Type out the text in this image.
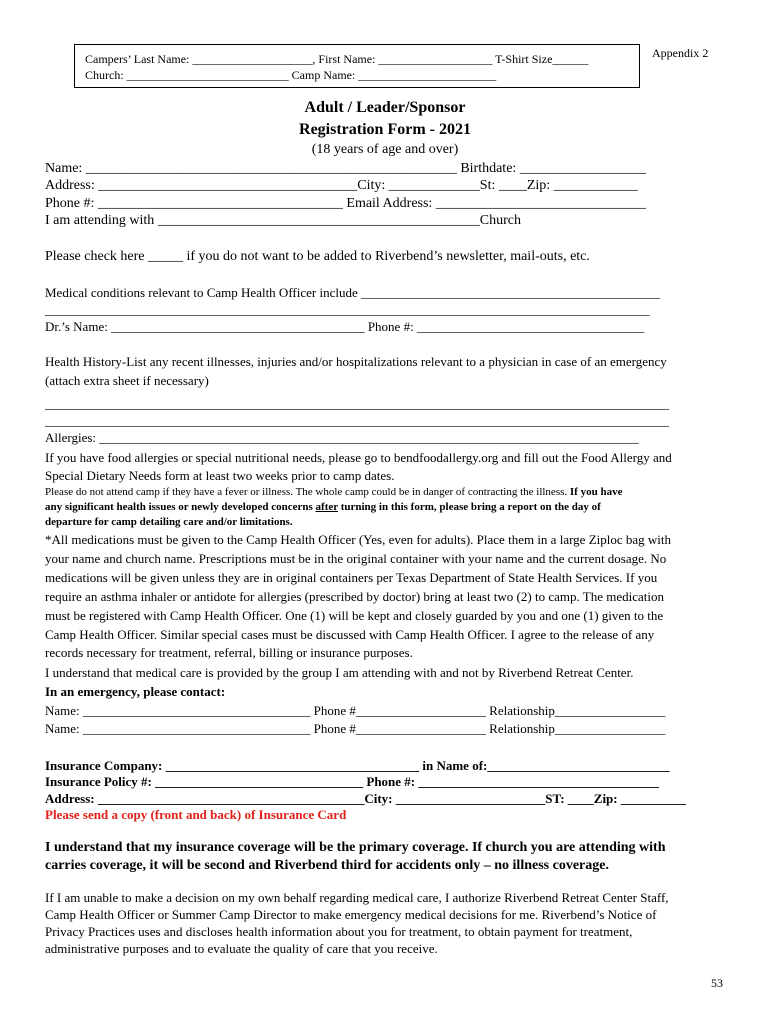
Campers’ Last Name: ____________________, First Name: ___________________ T-Shirt Size______
Church: ___________________________ Camp Name: _______________________
Appendix 2
Adult / Leader/Sponsor
Registration Form - 2021
(18 years of age and over)
Name: _____________________________________________________ Birthdate: __________________
Address: _____________________________________City: _____________St: ____Zip: ____________
Phone #: ___________________________________ Email Address: ______________________________
I am attending with ______________________________________________Church
Please check here _____ if you do not want to be added to Riverbend’s newsletter, mail-outs, etc.
Medical conditions relevant to Camp Health Officer include ______________________________________________
_____________________________________________________________________________________________
Dr.’s Name: _______________________________________ Phone #: ___________________________________
Health History-List any recent illnesses, injuries and/or hospitalizations relevant to a physician in case of an emergency
(attach extra sheet if necessary)
________________________________________________________________________________________________
________________________________________________________________________________________________
Allergies: ___________________________________________________________________________________
If you have food allergies or special nutritional needs, please go to bendfoodallergy.org and fill out the Food Allergy and
Special Dietary Needs form at least two weeks prior to camp dates.
Please do not attend camp if they have a fever or illness. The whole camp could be in danger of contracting the illness. If you have
any significant health issues or newly developed concerns after turning in this form, please bring a report on the day of
departure for camp detailing care and/or limitations.
*All medications must be given to the Camp Health Officer (Yes, even for adults). Place them in a large Ziploc bag with
your name and church name. Prescriptions must be in the original container with your name and the current dosage. No
medications will be given unless they are in original containers per Texas Department of State Health Services. If you
require an asthma inhaler or antidote for allergies (prescribed by doctor) bring at least two (2) to camp. The medication
must be registered with Camp Health Officer. One (1) will be kept and closely guarded by you and one (1) given to the
Camp Health Officer. Similar special cases must be discussed with Camp Health Officer. I agree to the release of any
records necessary for treatment, referral, billing or insurance purposes.
I understand that medical care is provided by the group I am attending with and not by Riverbend Retreat Center.
In an emergency, please contact:
Name: ___________________________________ Phone #____________________ Relationship_________________
Name: ___________________________________ Phone #____________________ Relationship_________________
Insurance Company: _______________________________________ in Name of:____________________________
Insurance Policy #: ________________________________ Phone #: _____________________________________
Address: _________________________________________City: _______________________ST: ____Zip: __________
Please send a copy (front and back) of Insurance Card
I understand that my insurance coverage will be the primary coverage. If church you are attending with
carries coverage, it will be second and Riverbend third for accidents only – no illness coverage.
If I am unable to make a decision on my own behalf regarding medical care, I authorize Riverbend Retreat Center Staff,
Camp Health Officer or Summer Camp Director to make emergency medical decisions for me. Riverbend’s Notice of
Privacy Practices uses and discloses health information about you for treatment, to obtain payment for treatment,
administrative purposes and to evaluate the quality of care that you receive.
53
